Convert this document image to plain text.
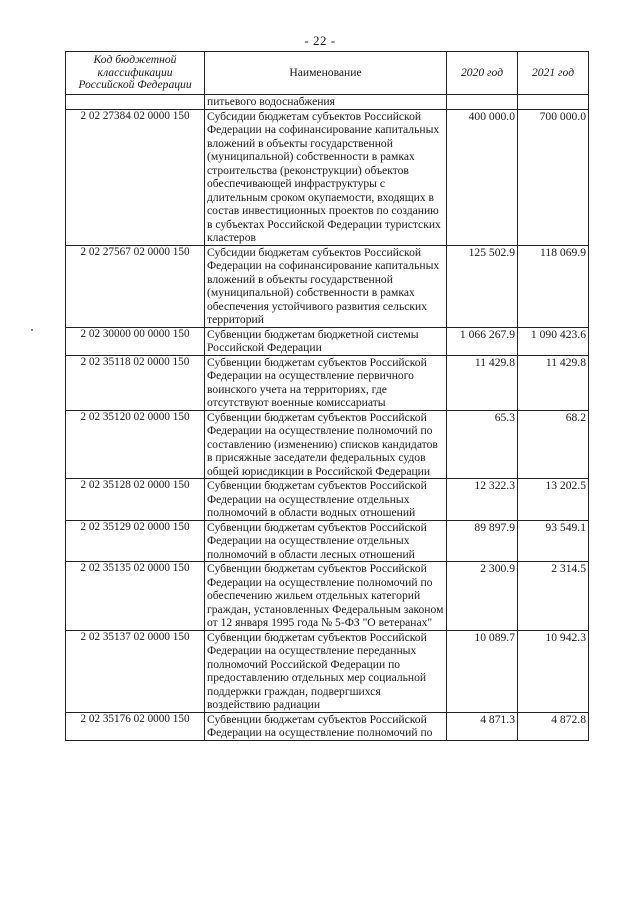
- 22 -
Код бюджетной классификации Российской Федерации	Наименование	2020 год	2021 год
	питьевого водоснабжения		
2 02 27384 02 0000 150	Субсидии бюджетам субъектов Российской Федерации на софинансирование капитальных вложений в объекты государственной (муниципальной) собственности в рамках строительства (реконструкции) объектов обеспечивающей инфраструктуры с длительным сроком окупаемости, входящих в состав инвестиционных проектов по созданию в субъектах Российской Федерации туристских кластеров	400 000.0	700 000.0
2 02 27567 02 0000 150	Субсидии бюджетам субъектов Российской Федерации на софинансирование капитальных вложений в объекты государственной (муниципальной) собственности в рамках обеспечения устойчивого развития сельских территорий	125 502.9	118 069.9
2 02 30000 00 0000 150	Субвенции бюджетам бюджетной системы Российской Федерации	1 066 267.9	1 090 423.6
2 02 35118 02 0000 150	Субвенции бюджетам субъектов Российской Федерации на осуществление первичного воинского учета на территориях, где отсутствуют военные комиссариаты	11 429.8	11 429.8
2 02 35120 02 0000 150	Субвенции бюджетам субъектов Российской Федерации на осуществление полномочий по составлению (изменению) списков кандидатов в присяжные заседатели федеральных судов общей юрисдикции в Российской Федерации	65.3	68.2
2 02 35128 02 0000 150	Субвенции бюджетам субъектов Российской Федерации на осуществление отдельных полномочий в области водных отношений	12 322.3	13 202.5
2 02 35129 02 0000 150	Субвенции бюджетам субъектов Российской Федерации на осуществление отдельных полномочий в области лесных отношений	89 897.9	93 549.1
2 02 35135 02 0000 150	Субвенции бюджетам субъектов Российской Федерации на осуществление полномочий по обеспечению жильем отдельных категорий граждан, установленных Федеральным законом от 12 января 1995 года № 5-ФЗ "О ветеранах"	2 300.9	2 314.5
2 02 35137 02 0000 150	Субвенции бюджетам субъектов Российской Федерации на осуществление переданных полномочий Российской Федерации по предоставлению отдельных мер социальной поддержки граждан, подвергшихся воздействию радиации	10 089.7	10 942.3
2 02 35176 02 0000 150	Субвенции бюджетам субъектов Российской Федерации на осуществление полномочий по	4 871.3	4 872.8
